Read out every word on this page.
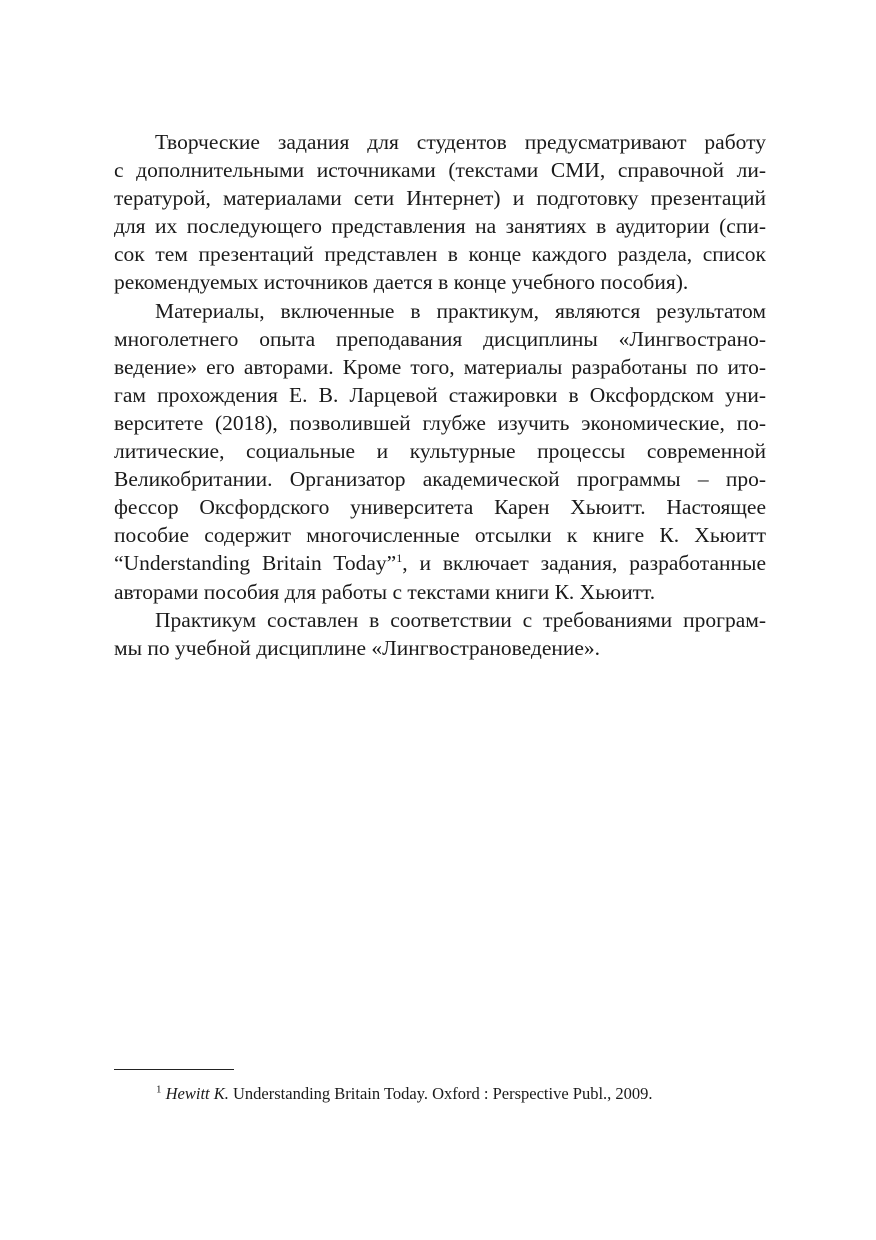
Творческие задания для студентов предусматривают работу
с дополнительными источниками (текстами СМИ, справочной ли-
тературой, материалами сети Интернет) и подготовку презентаций
для их последующего представления на занятиях в аудитории (спи-
сок тем презентаций представлен в конце каждого раздела, список
рекомендуемых источников дается в конце учебного пособия).
Материалы, включенные в практикум, являются результатом
многолетнего опыта преподавания дисциплины «Лингвострано-
ведение» его авторами. Кроме того, материалы разработаны по ито-
гам прохождения Е. В. Ларцевой стажировки в Оксфордском уни-
верситете (2018), позволившей глубже изучить экономические, по-
литические, социальные и культурные процессы современной
Великобритании. Организатор академической программы – про-
фессор Оксфордского университета Карен Хьюитт. Настоящее
пособие содержит многочисленные отсылки к книге К. Хьюитт
“Understanding Britain Today”$^1$, и включает задания, разработанные
авторами пособия для работы с текстами книги К. Хьюитт.
Практикум составлен в соответствии с требованиями програм-
мы по учебной дисциплине «Лингвострановедение».
$^1$ Hewitt K. Understanding Britain Today. Oxford : Perspective Publ., 2009.
